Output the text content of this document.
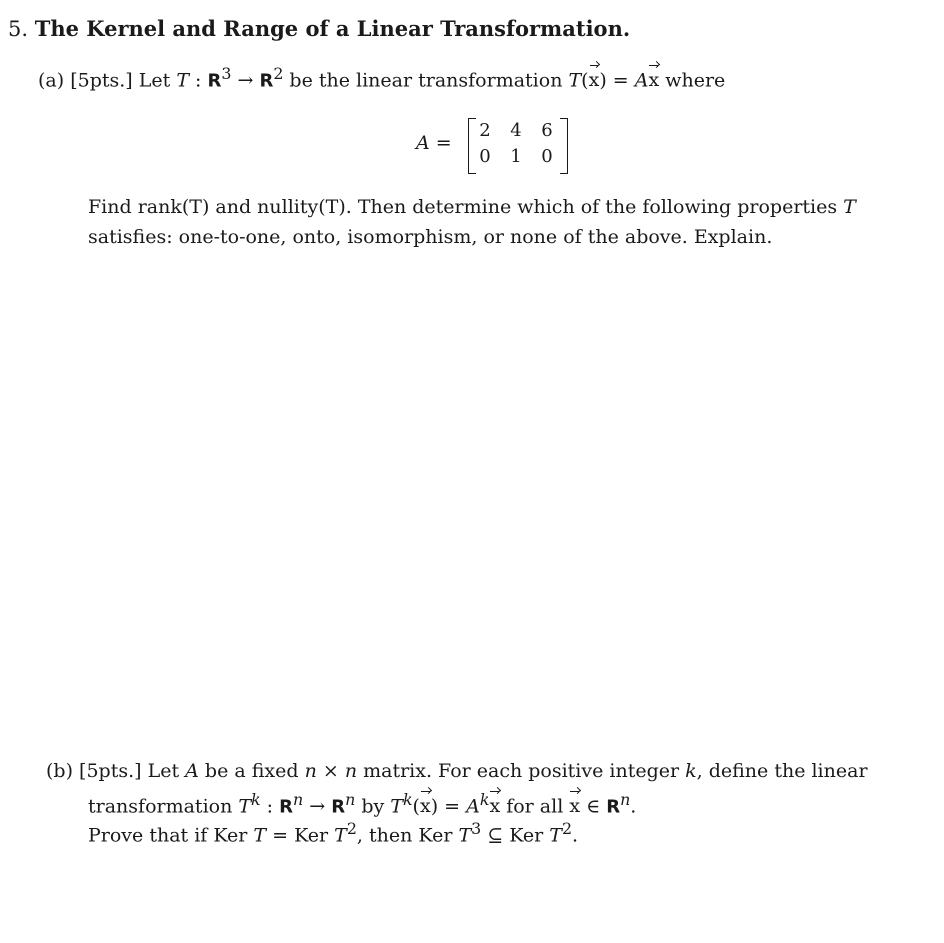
5. The Kernel and Range of a Linear Transformation.
(a) [5pts.] Let T : $R^3 \to R^2$ be the linear transformation T(x) = Ax where
A =
2 4 6
0 1 0
Find rank(T) and nullity(T). Then determine which of the following properties T
satisfies: one-to-one, onto, isomorphism, or none of the above. Explain.
(b) [5pts.] Let A be a fixed n × n matrix. For each positive integer k, define the linear
transformation $T^k$ : $R^n \to R^n$ by $T^k(x) = A^kx$ for all x ∈ $R^n$.
Prove that if Ker T = Ker $T^2$, then Ker $T^3$ ⊆ Ker $T^2$.
